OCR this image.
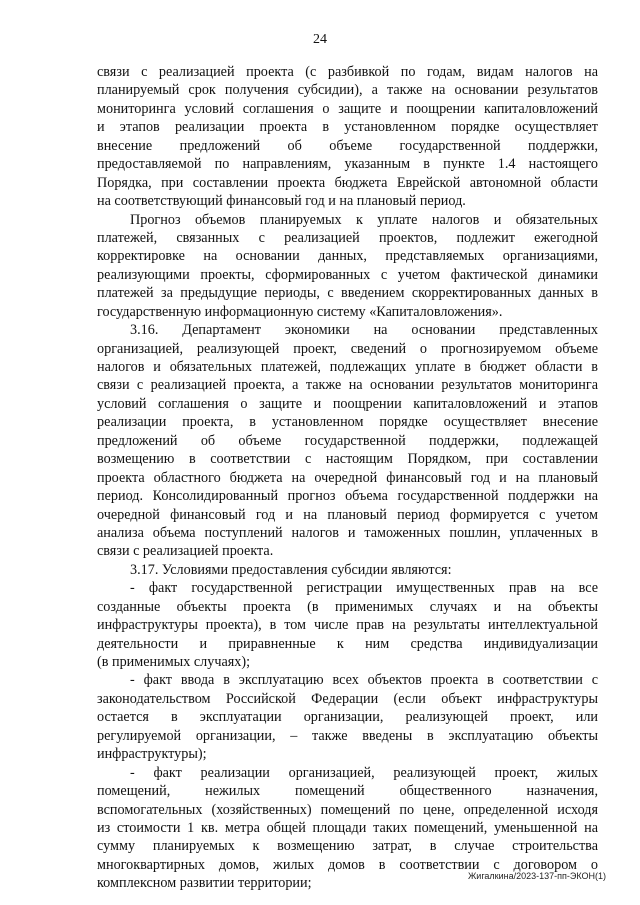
24
связи с реализацией проекта (с разбивкой по годам, видам налогов на
планируемый срок получения субсидии), а также на основании результатов
мониторинга условий соглашения о защите и поощрении капиталовложений
и этапов реализации проекта в установленном порядке осуществляет
внесение предложений об объеме государственной поддержки,
предоставляемой по направлениям, указанным в пункте 1.4 настоящего
Порядка, при составлении проекта бюджета Еврейской автономной области
на соответствующий финансовый год и на плановый период.
Прогноз объемов планируемых к уплате налогов и обязательных
платежей, связанных с реализацией проектов, подлежит ежегодной
корректировке на основании данных, представляемых организациями,
реализующими проекты, сформированных с учетом фактической динамики
платежей за предыдущие периоды, с введением скорректированных данных в
государственную информационную систему «Капиталовложения».
3.16. Департамент экономики на основании представленных
организацией, реализующей проект, сведений о прогнозируемом объеме
налогов и обязательных платежей, подлежащих уплате в бюджет области в
связи с реализацией проекта, а также на основании результатов мониторинга
условий соглашения о защите и поощрении капиталовложений и этапов
реализации проекта, в установленном порядке осуществляет внесение
предложений об объеме государственной поддержки, подлежащей
возмещению в соответствии с настоящим Порядком, при составлении
проекта областного бюджета на очередной финансовый год и на плановый
период. Консолидированный прогноз объема государственной поддержки на
очередной финансовый год и на плановый период формируется с учетом
анализа объема поступлений налогов и таможенных пошлин, уплаченных в
связи с реализацией проекта.
3.17. Условиями предоставления субсидии являются:
- факт государственной регистрации имущественных прав на все
созданные объекты проекта (в применимых случаях и на объекты
инфраструктуры проекта), в том числе прав на результаты интеллектуальной
деятельности и приравненные к ним средства индивидуализации
(в применимых случаях);
- факт ввода в эксплуатацию всех объектов проекта в соответствии с
законодательством Российской Федерации (если объект инфраструктуры
остается в эксплуатации организации, реализующей проект, или
регулируемой организации, – также введены в эксплуатацию объекты
инфраструктуры);
- факт реализации организацией, реализующей проект, жилых
помещений, нежилых помещений общественного назначения,
вспомогательных (хозяйственных) помещений по цене, определенной исходя
из стоимости 1 кв. метра общей площади таких помещений, уменьшенной на
сумму планируемых к возмещению затрат, в случае строительства
многоквартирных домов, жилых домов в соответствии с договором о
комплексном развитии территории;	Жигалкина/2023-137-пп-ЭКОН(1)
